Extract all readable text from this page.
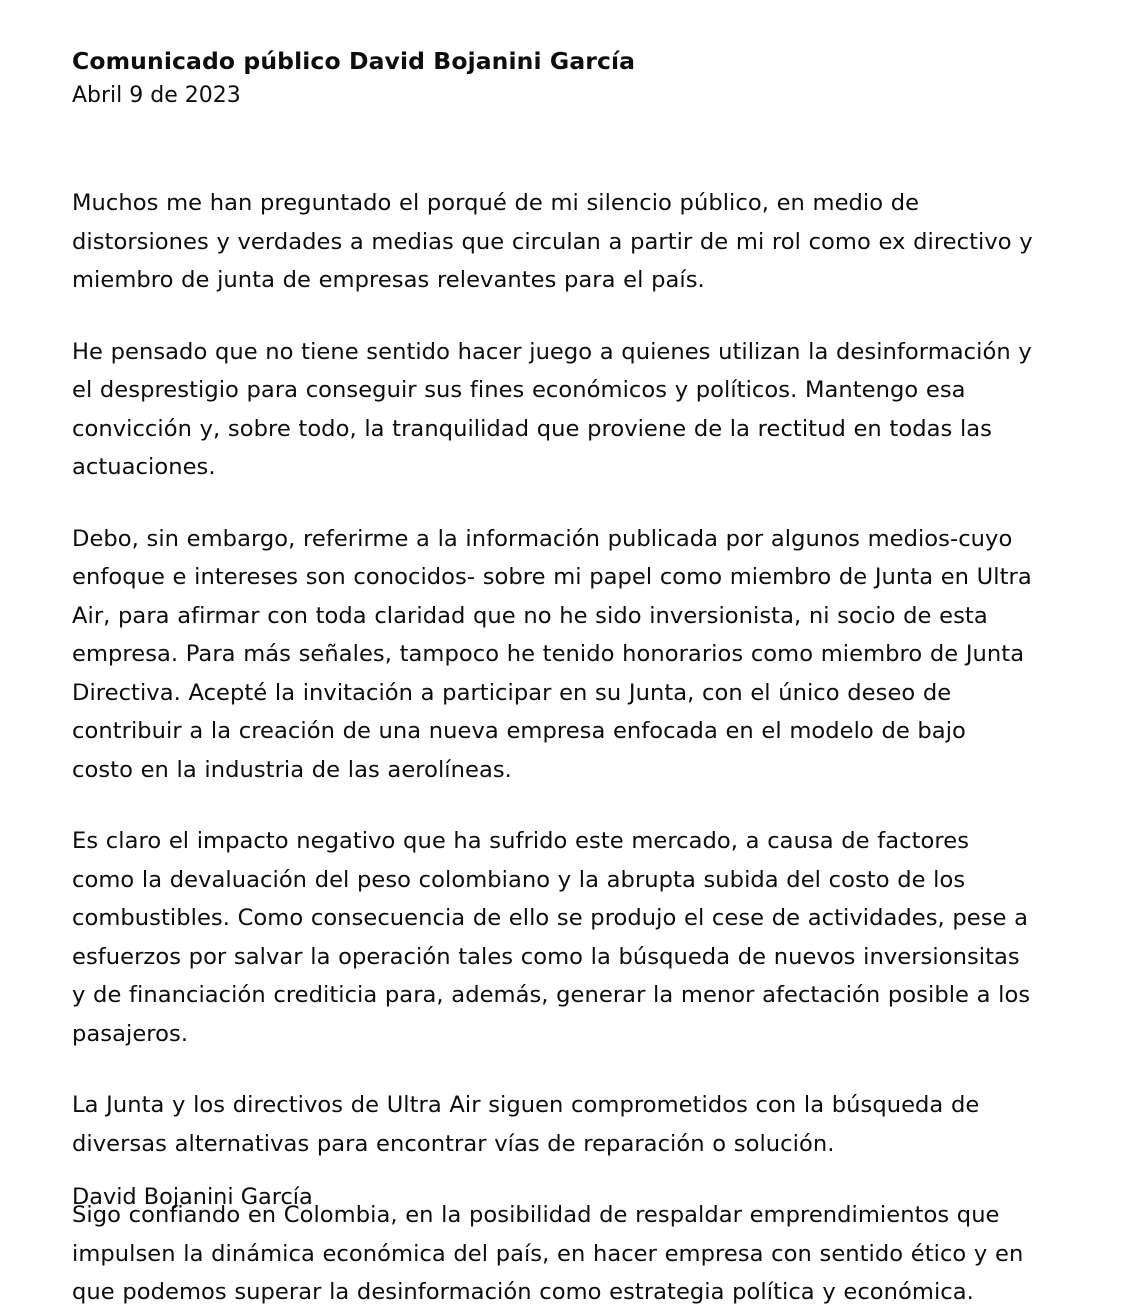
Comunicado público David Bojanini García

Abril 9 de 2023

Muchos me han preguntado el porqué de mi silencio público, en medio de distorsiones y verdades a medias que circulan a partir de mi rol como ex directivo y miembro de junta de empresas relevantes para el país.

He pensado que no tiene sentido hacer juego a quienes utilizan la desinformación y el desprestigio para conseguir sus fines económicos y políticos. Mantengo esa convicción y, sobre todo, la tranquilidad que proviene de la rectitud en todas las actuaciones.

Debo, sin embargo, referirme a la información publicada por algunos medios-cuyo enfoque e intereses son conocidos- sobre mi papel como miembro de Junta en Ultra Air, para afirmar con toda claridad que no he sido inversionista, ni socio de esta empresa. Para más señales, tampoco he tenido honorarios como miembro de Junta Directiva. Acepté la invitación a participar en su Junta, con el único deseo de contribuir a la creación de una nueva empresa enfocada en el modelo de bajo costo en la industria de las aerolíneas.

Es claro el impacto negativo que ha sufrido este mercado, a causa de factores como la devaluación del peso colombiano y la abrupta subida del costo de los combustibles. Como consecuencia de ello se produjo el cese de actividades, pese a esfuerzos por salvar la operación tales como la búsqueda de nuevos inversionsitas y de financiación crediticia para, además, generar la menor afectación posible a los pasajeros.

La Junta y los directivos de Ultra Air siguen comprometidos con la búsqueda de diversas alternativas para encontrar vías de reparación o solución.

Sigo confiando en Colombia, en la posibilidad de respaldar emprendimientos que impulsen la dinámica económica del país, en hacer empresa con sentido ético y en que podemos superar la desinformación como estrategia política y económica.

David Bojanini García
